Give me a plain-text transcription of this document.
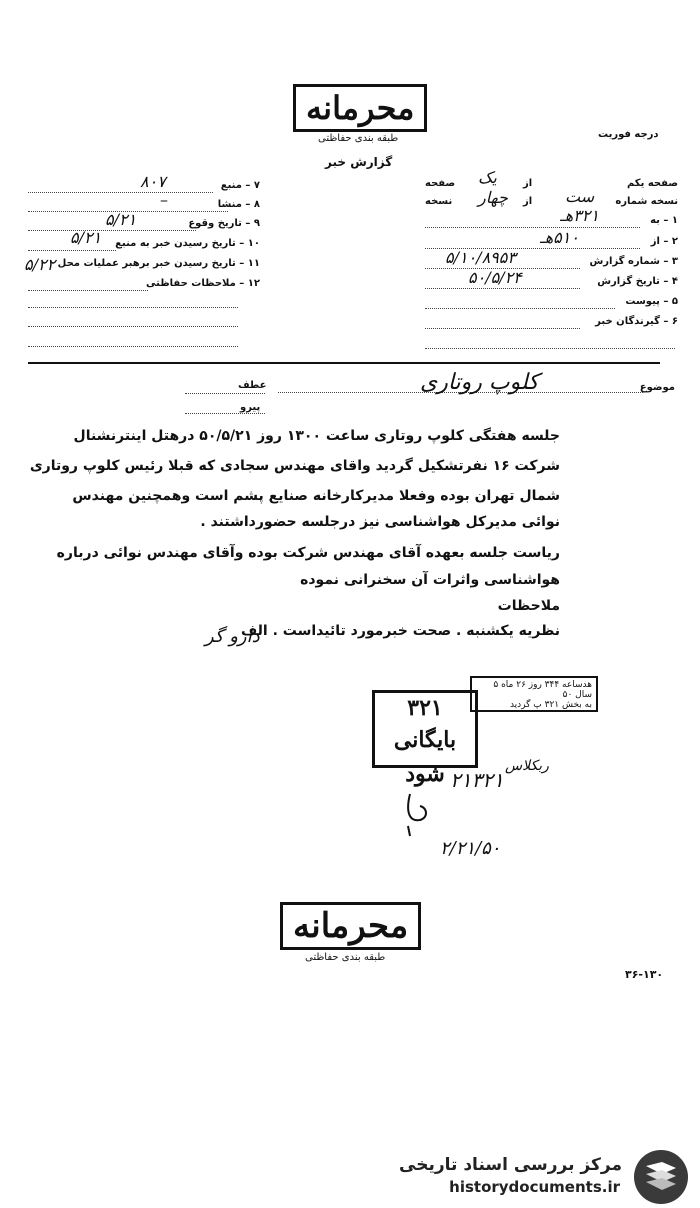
محرمانه
طبقه بندی حفاظتی	درجه فوریت
گزارش خبر
صفحه یکم
از
یک
صفحه
نسخه شماره
ست
از
چهار
نسخه
۱ – به
۳۲۱هـ
۲ – از
۵۱۰هـ
۳ – شماره گزارش
۵/۱۰/۸۹۵۳
۴ – تاریخ گزارش
۵۰/۵/۲۴
۵ – پیوست
۶ – گیرندگان خبر
۷ – منبع
۸۰۷
۸ – منشا
–
۹ – تاریخ وقوع
۵/۲۱
۱۰ – تاریخ رسیدن خبر به منبع
۵/۲۱
۱۱ – تاریخ رسیدن خبر برهبر عملیات محل
۵/۲۲
۱۲ – ملاحظات حفاظتی
موضوع
کلوپ روتاری
عطف
پیرو
جلسه هفتگی کلوپ روتاری ساعت ۱۳۰۰ روز ۵۰/۵/۲۱ درهتل اینترنشنال
شرکت ۱۶ نفرتشکیل گردید واقای مهندس سجادی که قبلا رئیس کلوپ روتاری
شمال تهران بوده وفعلا مدیرکارخانه صنایع پشم است وهمچنین مهندس
نوائی مدیرکل هواشناسی نیز درجلسه حضورداشتند .
ریاست جلسه بعهده آقای مهندس شرکت بوده وآقای مهندس نوائی درباره
هواشناسی واثرات آن سخنرانی نموده
ملاحظات
نظریه یکشنبه . صحت خبرمورد تائیداست . الف
دارو گر
هدساعه ۳۴۴ روز ۲۶ ماه ۵ سال ۵۰
به بخش ۳۲۱ پ گردید
۳۲۱
بایگانی شود	ربکلاس
۲۱۳۲۱
۲/۲۱/۵۰
محرمانه
طبقه بندی حفاظتی
۳۶-۱۳۰
مرکز بررسی اسناد تاریخی
historydocuments.ir
